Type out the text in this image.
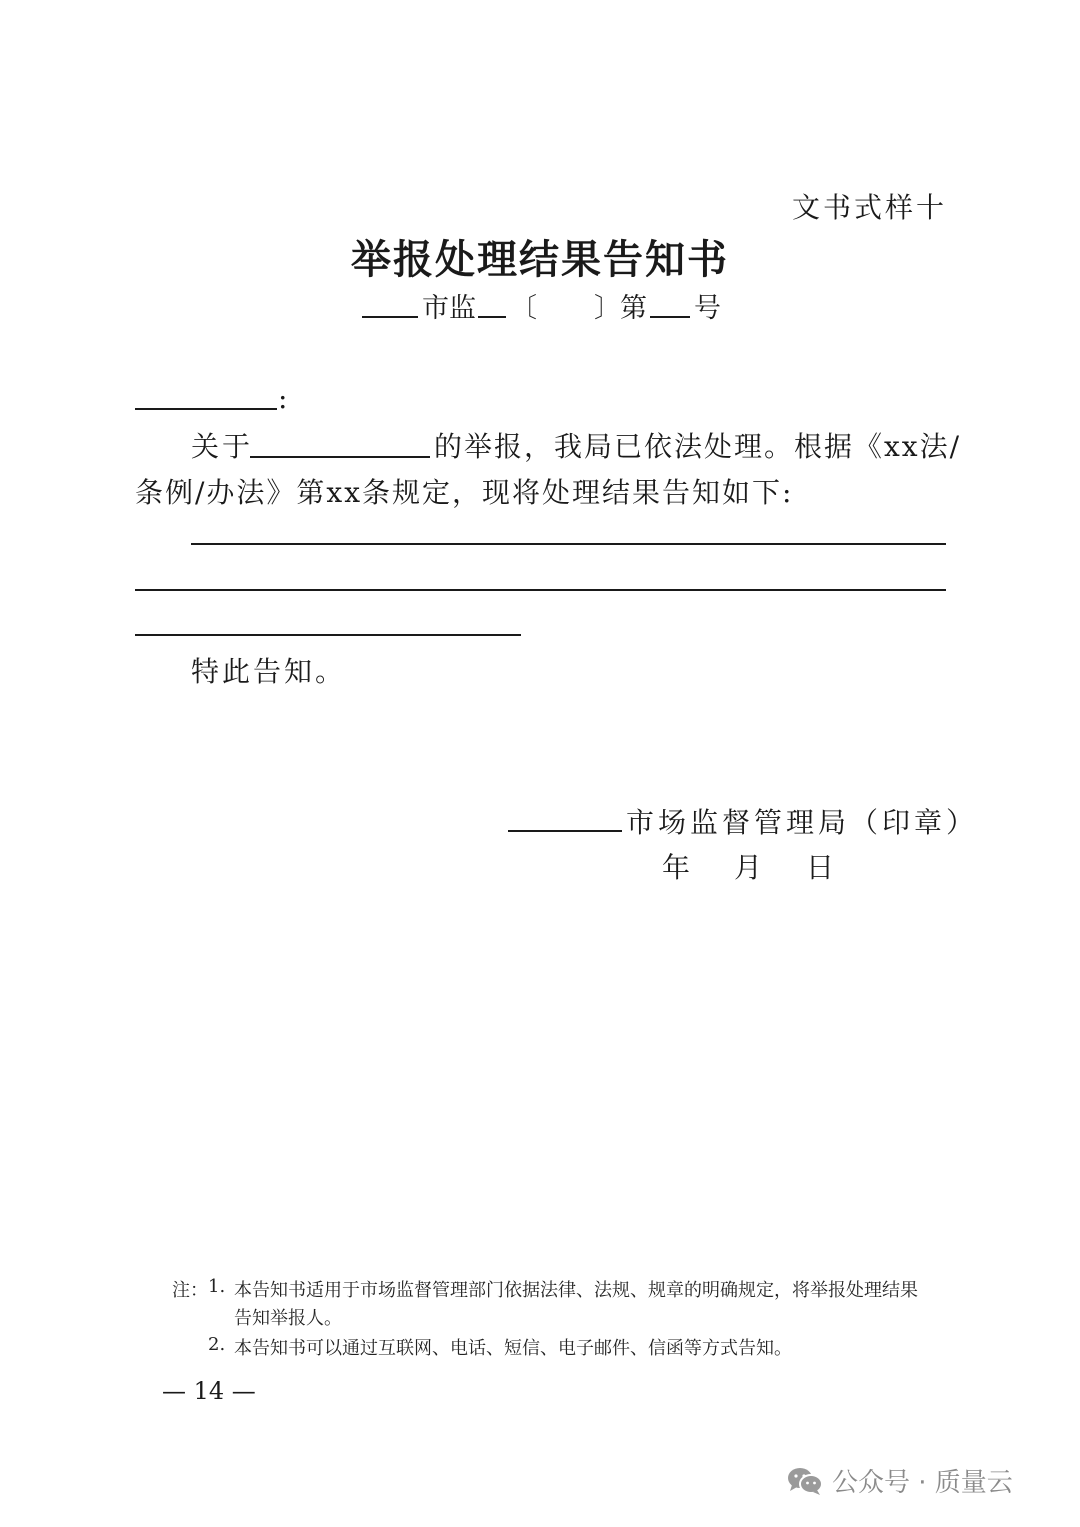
文书式样十
举报处理结果告知书
市监 〔 〕 第 号
:
关于	的举报，我局已依法处理。根据《xx法/
条例/办法》第xx条规定，现将处理结果告知如下:
特此告知。
市场监督管理局（印章）
年 月 日
注： 1. 本告知书适用于市场监督管理部门依据法律、法规、规章的明确规定，将举报处理结果
告知举报人。
2. 本告知书可以通过互联网、电话、短信、电子邮件、信函等方式告知。
— 14 —
公众号 · 质量云
